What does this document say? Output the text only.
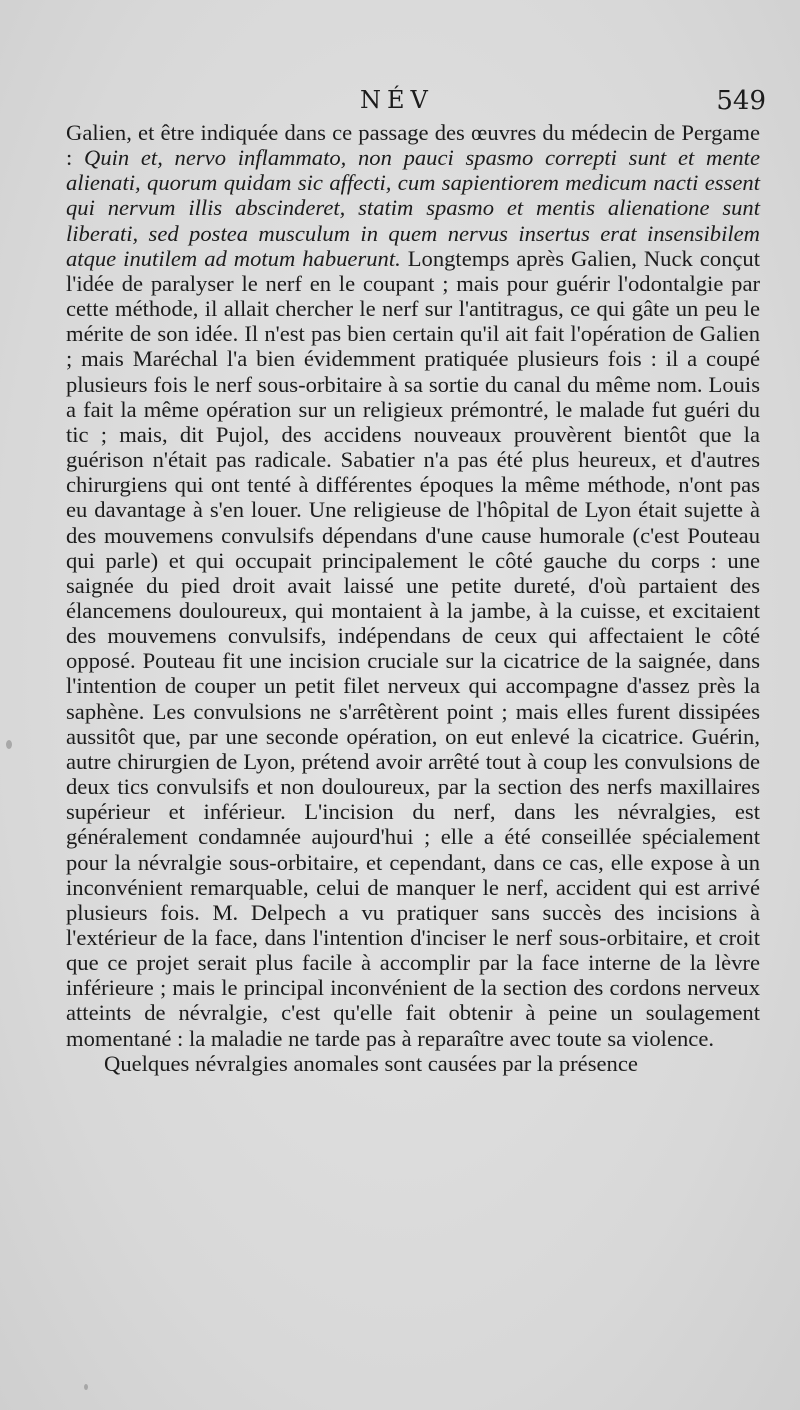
NÉV	549

Galien, et être indiquée dans ce passage des œuvres du médecin de Pergame : Quin et, nervo inflammato, non pauci spasmo correpti sunt et mente alienati, quorum quidam sic affecti, cum sapientiorem medicum nacti essent qui nervum illis abscinderet, statim spasmo et mentis alienatione sunt liberati, sed postea musculum in quem nervus insertus erat insensibilem atque inutilem ad motum habuerunt. Longtemps après Galien, Nuck conçut l'idée de paralyser le nerf en le coupant ; mais pour guérir l'odontalgie par cette méthode, il allait chercher le nerf sur l'antitragus, ce qui gâte un peu le mérite de son idée. Il n'est pas bien certain qu'il ait fait l'opération de Galien ; mais Maréchal l'a bien évidemment pratiquée plusieurs fois : il a coupé plusieurs fois le nerf sous-orbitaire à sa sortie du canal du même nom. Louis a fait la même opération sur un religieux prémontré, le malade fut guéri du tic ; mais, dit Pujol, des accidens nouveaux prouvèrent bientôt que la guérison n'était pas radicale. Sabatier n'a pas été plus heureux, et d'autres chirurgiens qui ont tenté à différentes époques la même méthode, n'ont pas eu davantage à s'en louer. Une religieuse de l'hôpital de Lyon était sujette à des mouvemens convulsifs dépendans d'une cause humorale (c'est Pouteau qui parle) et qui occupait principalement le côté gauche du corps : une saignée du pied droit avait laissé une petite dureté, d'où partaient des élancemens douloureux, qui montaient à la jambe, à la cuisse, et excitaient des mouvemens convulsifs, indépendans de ceux qui affectaient le côté opposé. Pouteau fit une incision cruciale sur la cicatrice de la saignée, dans l'intention de couper un petit filet nerveux qui accompagne d'assez près la saphène. Les convulsions ne s'arrêtèrent point ; mais elles furent dissipées aussitôt que, par une seconde opération, on eut enlevé la cicatrice. Guérin, autre chirurgien de Lyon, prétend avoir arrêté tout à coup les convulsions de deux tics convulsifs et non douloureux, par la section des nerfs maxillaires supérieur et inférieur. L'incision du nerf, dans les névralgies, est généralement condamnée aujourd'hui ; elle a été conseillée spécialement pour la névralgie sous-orbitaire, et cependant, dans ce cas, elle expose à un inconvénient remarquable, celui de manquer le nerf, accident qui est arrivé plusieurs fois. M. Delpech a vu pratiquer sans succès des incisions à l'extérieur de la face, dans l'intention d'inciser le nerf sous-orbitaire, et croit que ce projet serait plus facile à accomplir par la face interne de la lèvre inférieure ; mais le principal inconvénient de la section des cordons nerveux atteints de névralgie, c'est qu'elle fait obtenir à peine un soulagement momentané : la maladie ne tarde pas à reparaître avec toute sa violence.

Quelques névralgies anomales sont causées par la présence
